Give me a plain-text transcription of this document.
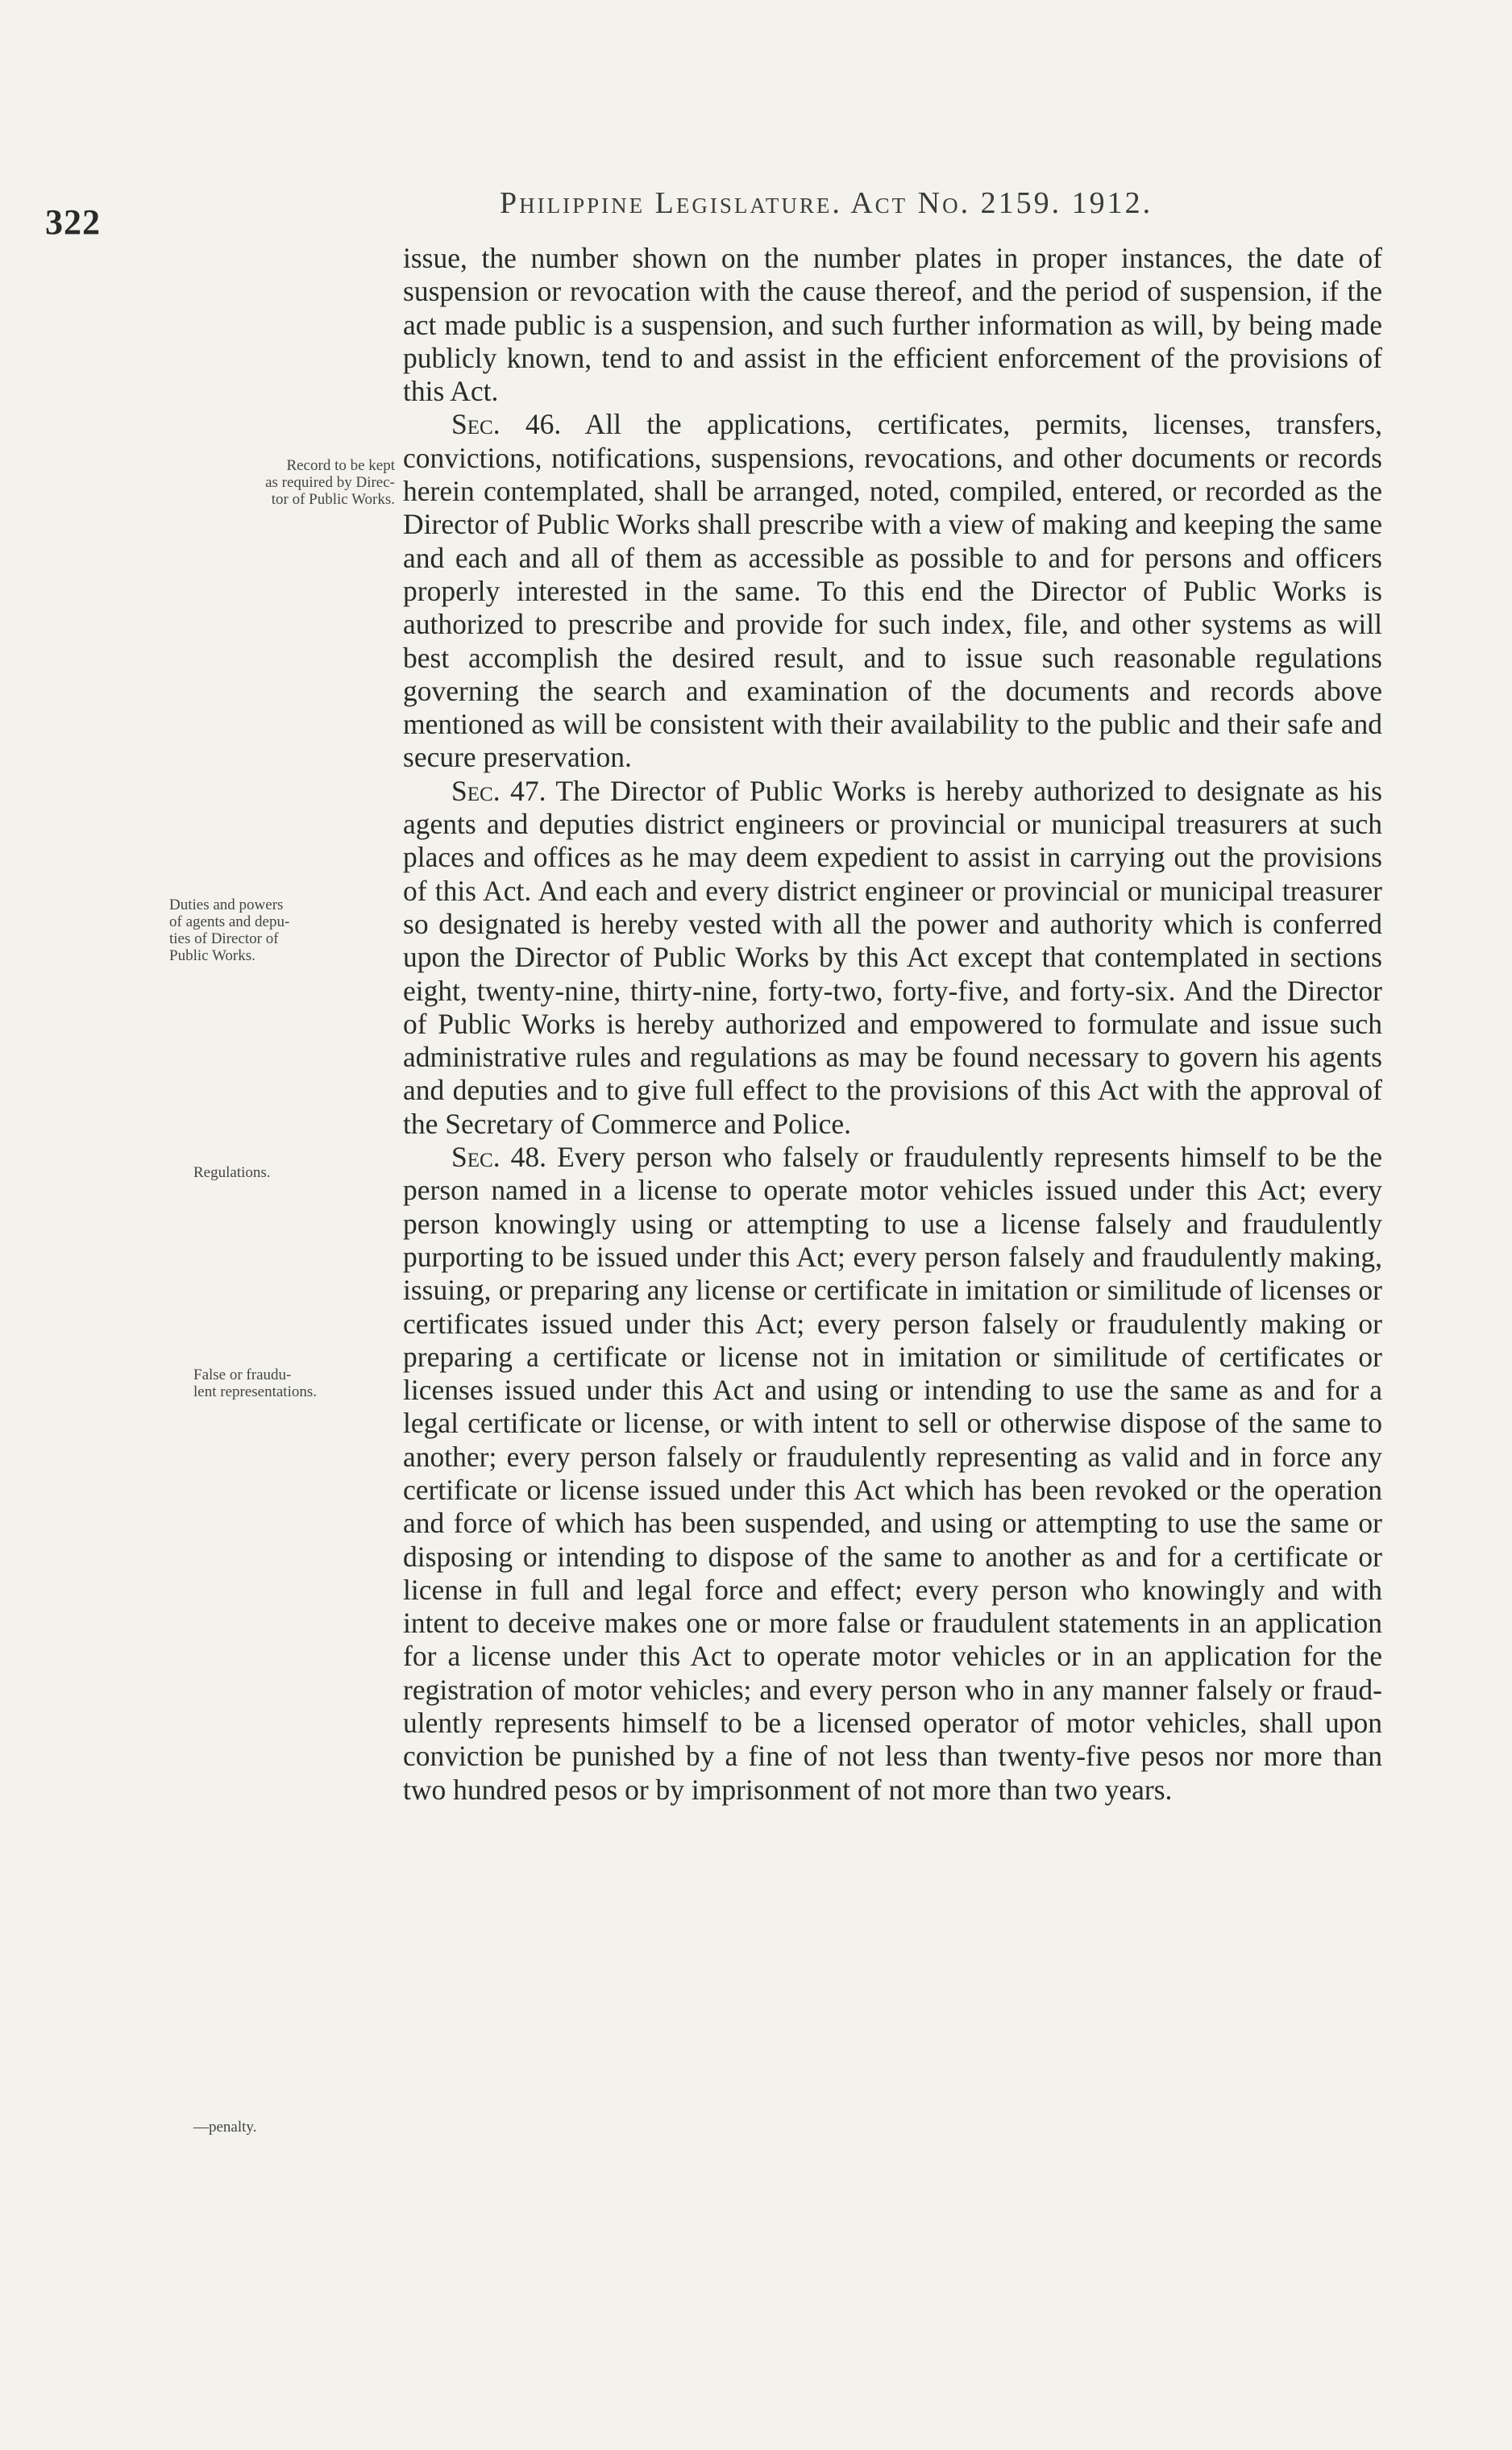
322	Philippine Legislature. Act No. 2159. 1912.
Record to be kept
as required by Direc-
tor of Public Works.
Duties and powers
of agents and depu-
ties of Director of
Public Works.
Regulations.
False or fraudu-
lent representations.
—penalty.

issue, the number shown on the number plates in proper instances, the date of suspension or revocation with the cause thereof, and the period of suspension, if the act made public is a suspension, and such further information as will, by being made publicly known, tend to and assist in the efficient enforcement of the provisions of this Act.

Sec. 46. All the applications, certificates, permits, licenses, transfers, convictions, notifications, suspensions, revocations, and other documents or records herein contemplated, shall be arranged, noted, compiled, entered, or recorded as the Director of Public Works shall prescribe with a view of making and keeping the same and each and all of them as accessible as possible to and for persons and officers properly interested in the same. To this end the Director of Public Works is authorized to prescribe and provide for such index, file, and other systems as will best accomplish the desired result, and to issue such reasonable regulations governing the search and examination of the documents and records above mentioned as will be consistent with their availability to the public and their safe and secure preservation.

Sec. 47. The Director of Public Works is hereby authorized to designate as his agents and deputies district engineers or provincial or municipal treasurers at such places and offices as he may deem expedient to assist in carrying out the provisions of this Act. And each and every district engineer or provincial or municipal treasurer so designated is hereby vested with all the power and authority which is conferred upon the Director of Public Works by this Act except that contemplated in sections eight, twenty-nine, thirty-nine, forty-two, forty-five, and forty-six. And the Director of Public Works is hereby authorized and empowered to formulate and issue such administrative rules and regulations as may be found necessary to govern his agents and deputies and to give full effect to the provisions of this Act with the approval of the Secretary of Commerce and Police.

Sec. 48. Every person who falsely or fraudulently represents himself to be the person named in a license to operate motor vehicles issued under this Act; every person knowingly using or attempting to use a license falsely and fraudulently purporting to be issued under this Act; every person falsely and fraudulently making, issuing, or preparing any license or certificate in imitation or similitude of licenses or certificates issued under this Act; every person falsely or fraudulently making or preparing a certificate or license not in imitation or similitude of certificates or licenses issued under this Act and using or intending to use the same as and for a legal certificate or license, or with intent to sell or otherwise dispose of the same to another; every person falsely or fraudulently representing as valid and in force any certificate or license issued under this Act which has been revoked or the operation and force of which has been suspended, and using or attempting to use the same or disposing or intending to dispose of the same to another as and for a certificate or license in full and legal force and effect; every person who knowingly and with intent to deceive makes one or more false or fraudulent statements in an application for a license under this Act to operate motor vehicles or in an application for the registration of motor vehicles; and every person who in any manner falsely or fraudulently represents himself to be a licensed operator of motor vehicles, shall upon conviction be punished by a fine of not less than twenty-five pesos nor more than two hundred pesos or by imprisonment of not more than two years.
